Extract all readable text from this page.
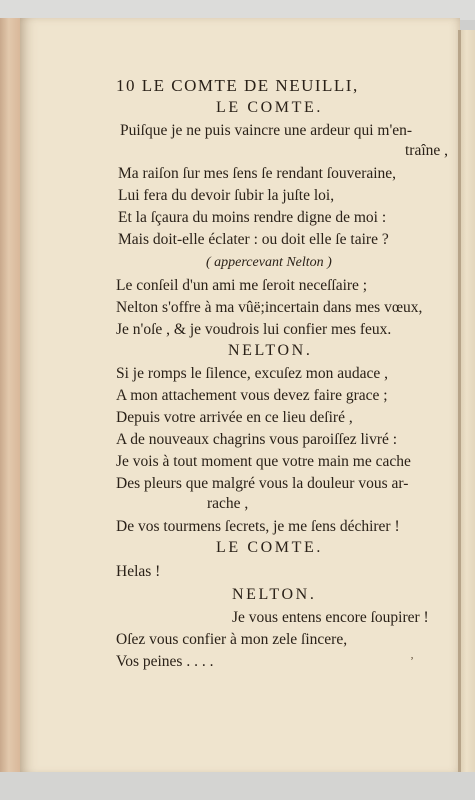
10 LE COMTE DE NEUILLI,
LE COMTE.
Puiſque je ne puis vaincre une ardeur qui m'en-
traîne ,
Ma raiſon ſur mes ſens ſe rendant ſouveraine,
Lui fera du devoir ſubir la juſte loi,
Et la ſçaura du moins rendre digne de moi :
Mais doit-elle éclater : ou doit elle ſe taire ?
( appercevant Nelton )
Le conſeil d'un ami me ſeroit neceſſaire ;
Nelton s'offre à ma vûë;incertain dans mes vœux,
Je n'oſe , & je voudrois lui confier mes feux.
NELTON.
Si je romps le ſilence, excuſez mon audace ,
A mon attachement vous devez faire grace ;
Depuis votre arrivée en ce lieu deſiré ,
A de nouveaux chagrins vous paroiſſez livré :
Je vois à tout moment que votre main me cache
Des pleurs que malgré vous la douleur vous ar-
rache ,
De vos tourmens ſecrets, je me ſens déchirer !
LE COMTE.
Helas !
NELTON.
Je vous entens encore ſoupirer !
Oſez vous confier à mon zele ſincere,
Vos peines . . . .	ʼ
